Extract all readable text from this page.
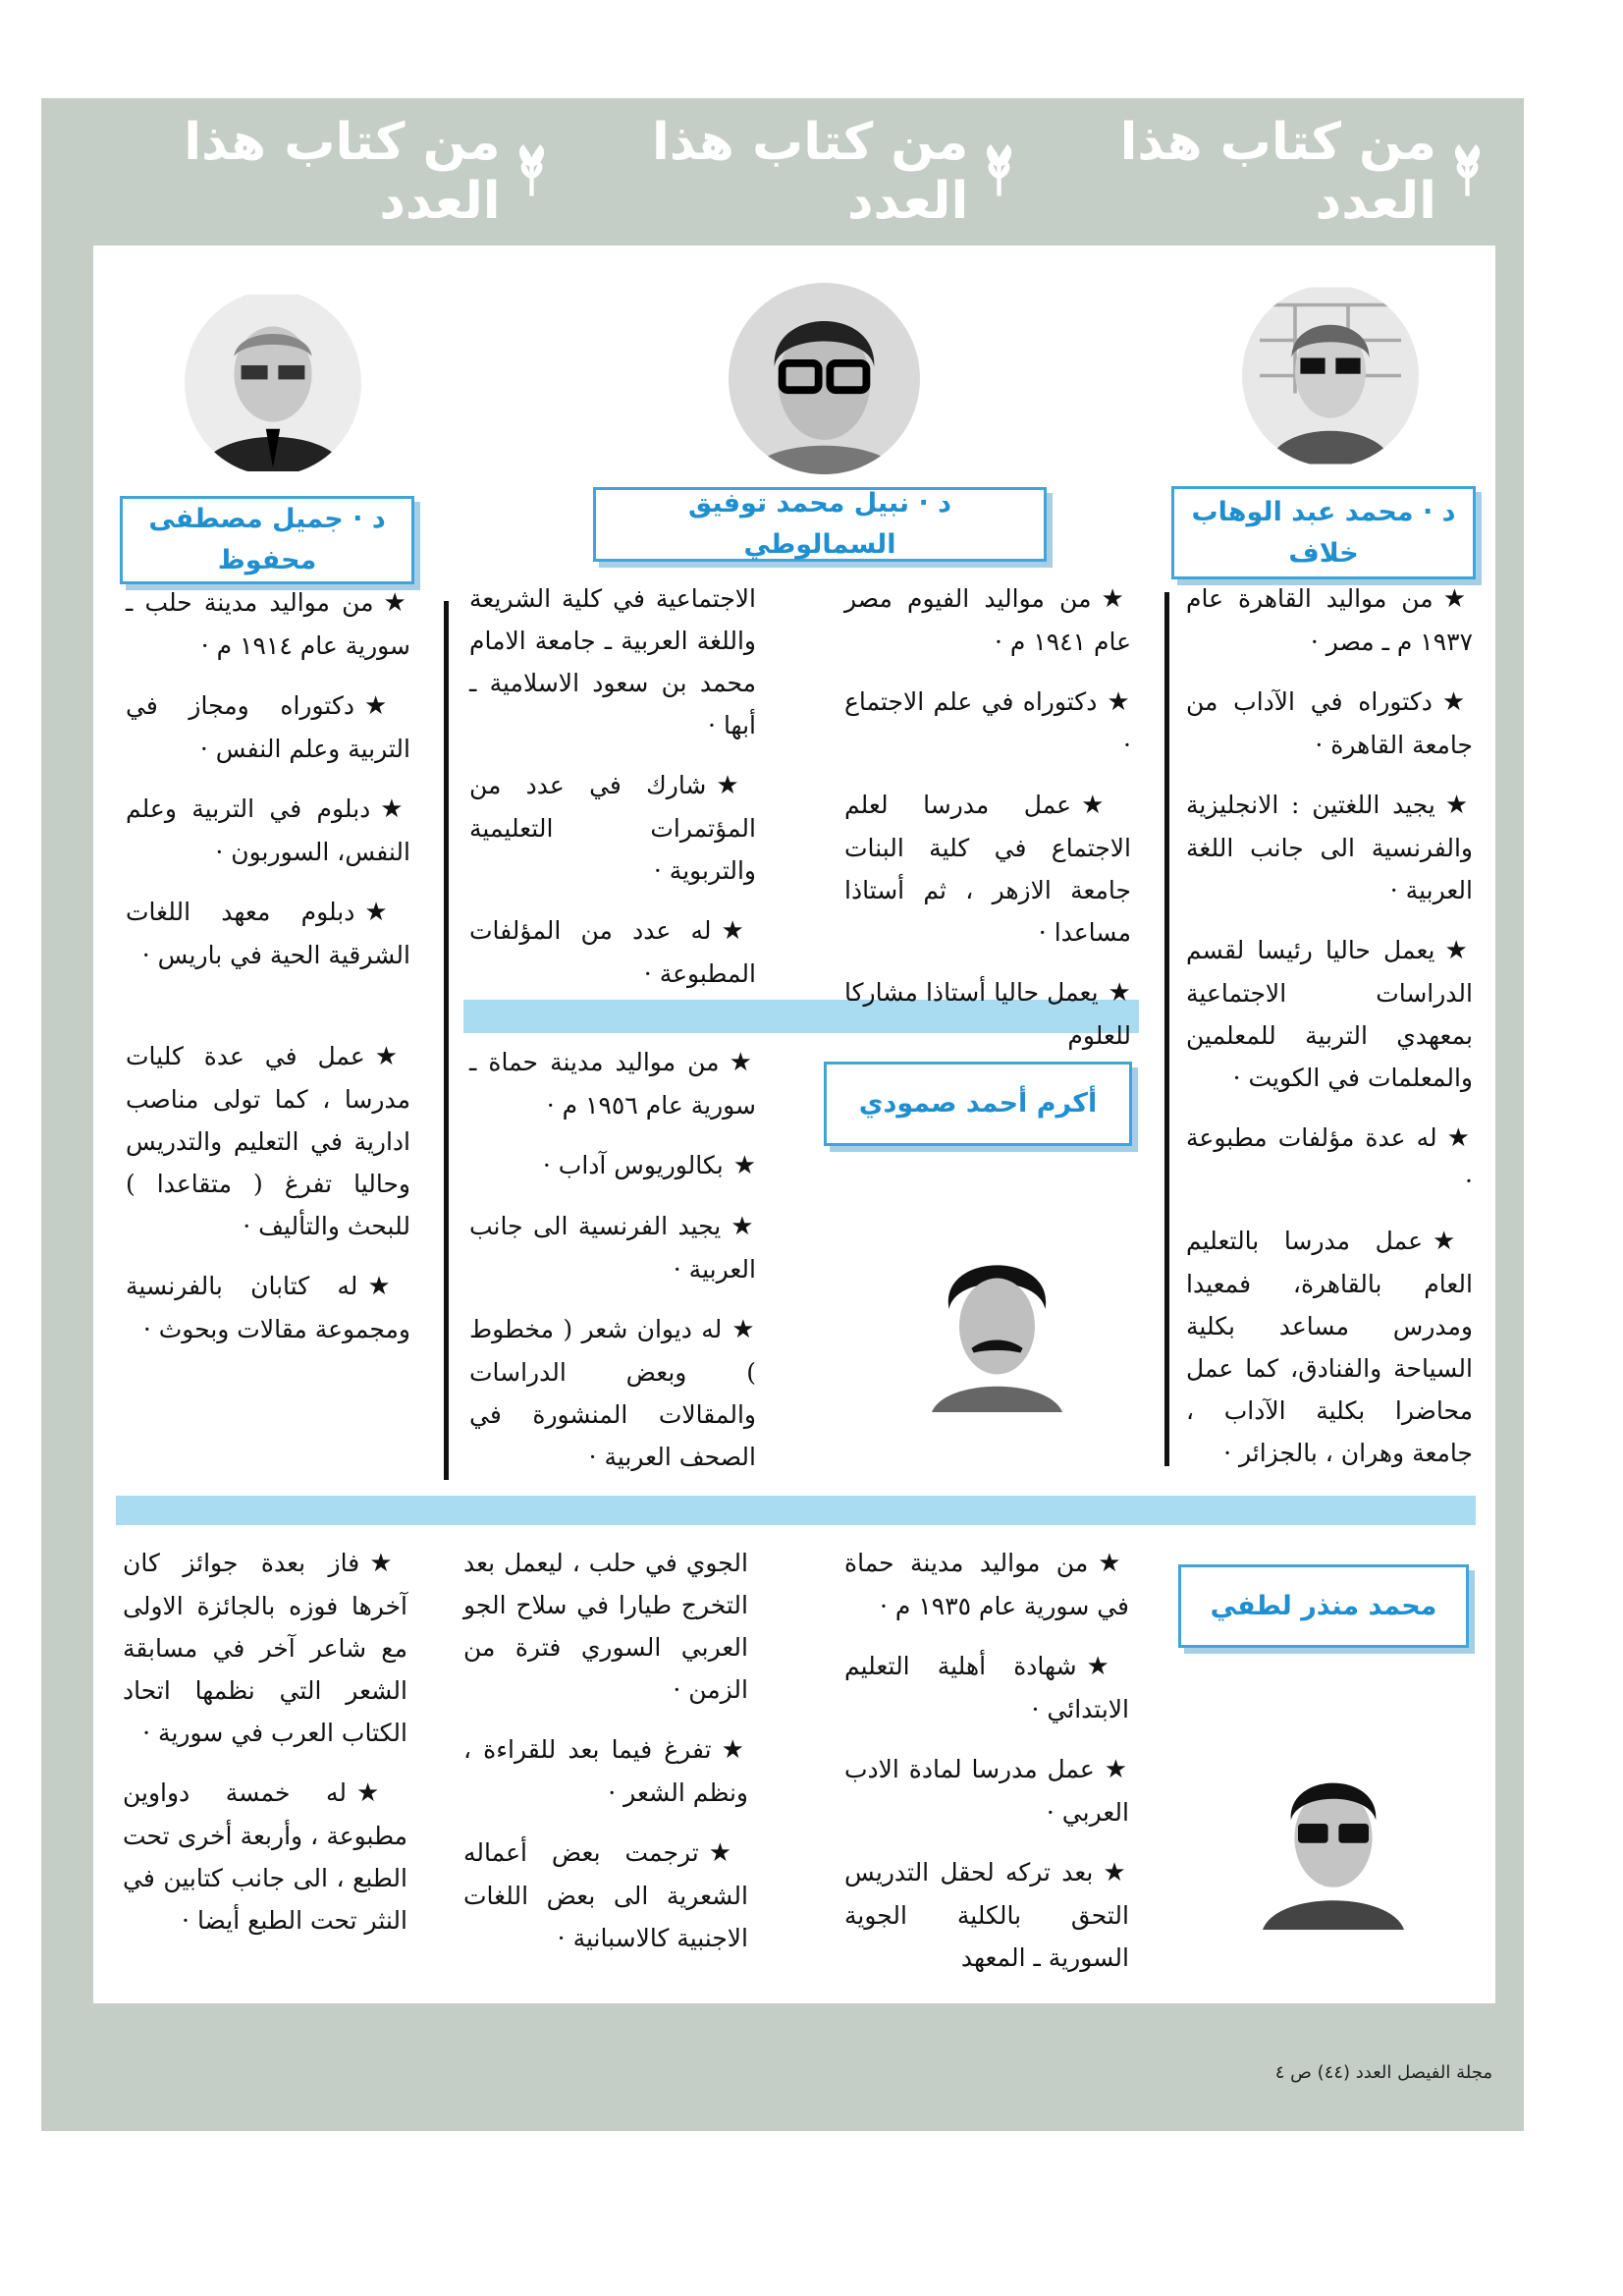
من كتاب هذا العدد
من كتاب هذا العدد
من كتاب هذا العدد
د · محمد عبد الوهاب خلاف
د · نبيل محمد توفيق السمالوطي
د · جميل مصطفى محفوظ
أكرم أحمد صمودي
محمد منذر لطفي

★من مواليد القاهرة عام ١٩٣٧ م ـ مصر ·

★دكتوراه في الآداب من جامعة القاهرة ·

★يجيد اللغتين : الانجليزية والفرنسية الى جانب اللغة العربية ·

★يعمل حاليا رئيسا لقسم الدراسات الاجتماعية بمعهدي التربية للمعلمين والمعلمات في الكويت ·

★له عدة مؤلفات مطبوعة ·

★عمل مدرسا بالتعليم العام بالقاهرة، فمعيدا ومدرس مساعد بكلية السياحة والفنادق، كما عمل محاضرا بكلية الآداب ، جامعة وهران ، بالجزائر ·

★من مواليد الفيوم مصر عام ١٩٤١ م ·

★دكتوراه في علم الاجتماع ·

★عمل مدرسا لعلم الاجتماع في كلية البنات جامعة الازهر ، ثم أستاذا مساعدا ·

★يعمل حاليا أستاذا مشاركا للعلوم

الاجتماعية في كلية الشريعة واللغة العربية ـ جامعة الامام محمد بن سعود الاسلامية ـ أبها ·

★شارك في عدد من المؤتمرات التعليمية والتربوية ·

★له عدد من المؤلفات المطبوعة ·

★من مواليد مدينة حلب ـ سورية عام ١٩١٤ م ·

★دكتوراه ومجاز في التربية وعلم النفس ·

★دبلوم في التربية وعلم النفس، السوربون ·

★دبلوم معهد اللغات الشرقية الحية في باريس ·

★عمل في عدة كليات مدرسا ، كما تولى مناصب ادارية في التعليم والتدريس وحاليا تفرغ ( متقاعدا ) للبحث والتأليف ·

★له كتابان بالفرنسية ومجموعة مقالات وبحوث ·

★من مواليد مدينة حماة ـ سورية عام ١٩٥٦ م ·

★بكالوريوس آداب ·

★يجيد الفرنسية الى جانب العربية ·

★له ديوان شعر ( مخطوط ) وبعض الدراسات والمقالات المنشورة في الصحف العربية ·

★من مواليد مدينة حماة في سورية عام ١٩٣٥ م ·

★شهادة أهلية التعليم الابتدائي ·

★عمل مدرسا لمادة الادب العربي ·

★بعد تركه لحقل التدريس التحق بالكلية الجوية السورية ـ المعهد

الجوي في حلب ، ليعمل بعد التخرج طيارا في سلاح الجو العربي السوري فترة من الزمن ·

★تفرغ فيما بعد للقراءة ، ونظم الشعر ·

★ترجمت بعض أعماله الشعرية الى بعض اللغات الاجنبية كالاسبانية ·

★فاز بعدة جوائز كان آخرها فوزه بالجائزة الاولى مع شاعر آخر في مسابقة الشعر التي نظمها اتحاد الكتاب العرب في سورية ·

★له خمسة دواوين مطبوعة ، وأربعة أخرى تحت الطبع ، الى جانب كتابين في النثر تحت الطبع أيضا ·

مجلة الفيصل العدد (٤٤) ص ٤
